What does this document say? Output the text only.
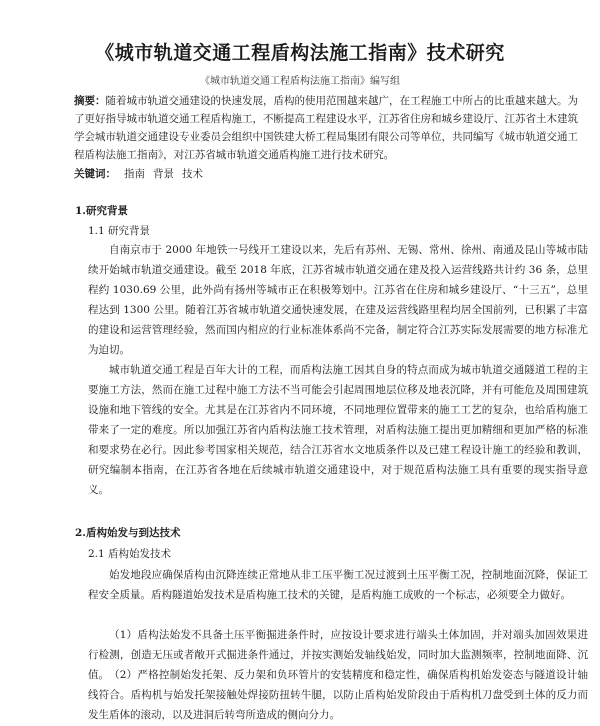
《城市轨道交通工程盾构法施工指南》技术研究
《城市轨道交通工程盾构法施工指南》编写组
摘要：随着城市轨道交通建设的快速发展，盾构的使用范围越来越广，在工程施工中所占的比重越来越大。为了更好指导城市轨道交通工程盾构施工，不断提高工程建设水平，江苏省住房和城乡建设厅、江苏省土木建筑学会城市轨道交通建设专业委员会组织中国铁建大桥工程局集团有限公司等单位，共同编写《城市轨道交通工程盾构法施工指南》，对江苏省城市轨道交通盾构施工进行技术研究。
关键词： 指南 背景 技术
1.研究背景
1.1 研究背景
自南京市于 2000 年地铁一号线开工建设以来，先后有苏州、无锡、常州、徐州、南通及昆山等城市陆续开始城市轨道交通建设。截至 2018 年底，江苏省城市轨道交通在建及投入运营线路共计约 36 条，总里程约 1030.69 公里，此外尚有扬州等城市正在积极筹划中。江苏省在住房和城乡建设厅、“十三五”，总里程达到 1300 公里。随着江苏省城市轨道交通快速发展，在建及运营线路里程均居全国前列，已积累了丰富的建设和运营管理经验，然而国内相应的行业标准体系尚不完备，制定符合江苏实际发展需要的地方标准尤为迫切。
城市轨道交通工程是百年大计的工程，而盾构法施工因其自身的特点而成为城市轨道交通隧道工程的主要施工方法，然而在施工过程中施工方法不当可能会引起周围地层位移及地表沉降，并有可能危及周围建筑设施和地下管线的安全。尤其是在江苏省内不同环境，不同地理位置带来的施工工艺的复杂，也给盾构施工带来了一定的难度。所以加强江苏省内盾构法施工技术管理，对盾构法施工提出更加精细和更加严格的标准和要求势在必行。因此参考国家相关规范，结合江苏省水文地质条件以及已建工程设计施工的经验和教训，研究编制本指南，在江苏省各地在后续城市轨道交通建设中，对于规范盾构法施工具有重要的现实指导意义。
2.盾构始发与到达技术
2.1 盾构始发技术
始发地段应确保盾构由沉降连续正常地从非工压平衡工况过渡到土压平衡工况，控制地面沉降，保证工程安全质量。盾构隧道始发技术是盾构施工技术的关键，是盾构施工成败的一个标志，必须要全力做好。
（1）盾构法始发不具备土压平衡掘进条件时，应按设计要求进行端头土体加固，并对端头加固效果进行检测，创造无压或者敞开式掘进条件通过，并按实测始发轴线始发，同时加大监测频率，控制地面降、沉值。 （2）严格控制始发托架、反力架和负环管片的安装精度和稳定性，确保盾构机始发姿态与隧道设计轴线符合。盾构机与始发托架接触处焊接防扭转牛腿，以防止盾构始发阶段由于盾构机刀盘受到土体的反力而发生盾体的滚动，以及进洞后转弯所造成的侧向分力。
